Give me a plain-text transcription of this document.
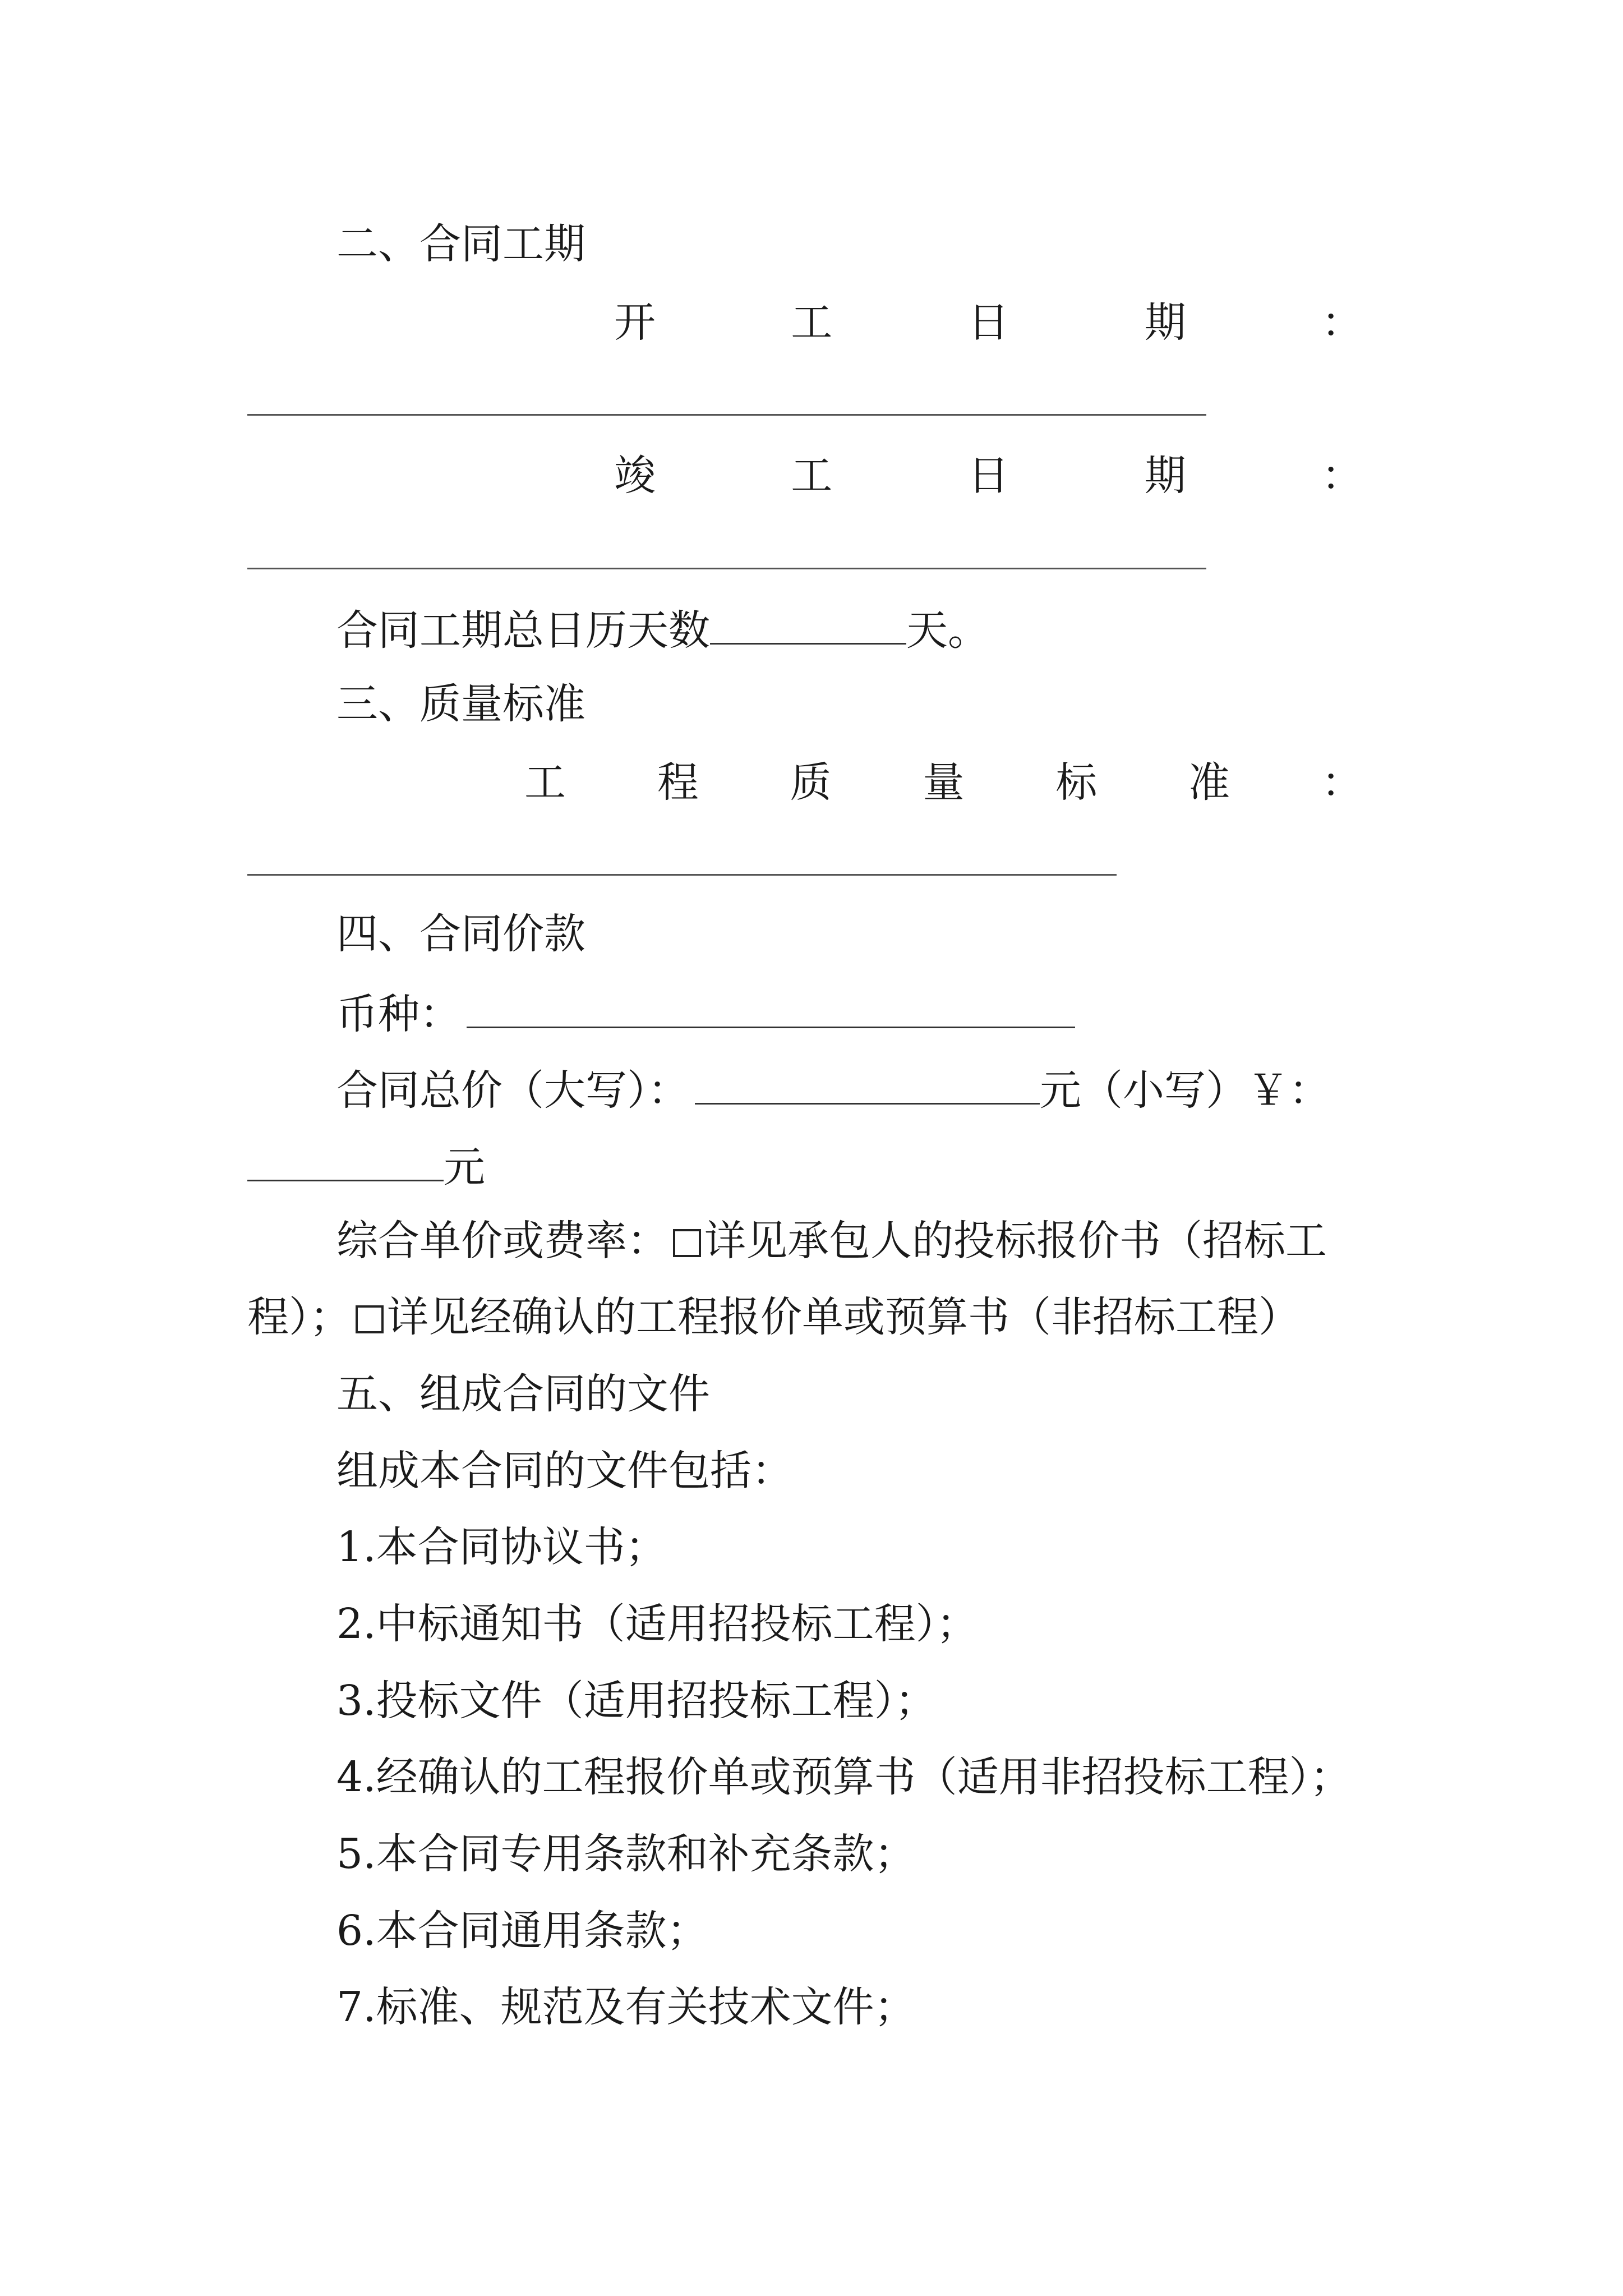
二、合同工期
开	工	日	期	：
竣	工	日	期	：
合同工期总日历天数	天。
三、质量标准
工 程 质 量 标 准 ：
四、合同价款
币种：
合同总价（大写）：	元（小写）￥：
元
综合单价或费率： 详见承包人的投标报价书（招标工
程）； 详见经确认的工程报价单或预算书（非招标工程）
五、组成合同的文件
组成本合同的文件包括：
1.本合同协议书；
2.中标通知书（适用招投标工程）；
3.投标文件（适用招投标工程）；
4.经确认的工程报价单或预算书（适用非招投标工程）；
5.本合同专用条款和补充条款；
6.本合同通用条款；
7.标准、规范及有关技术文件；
